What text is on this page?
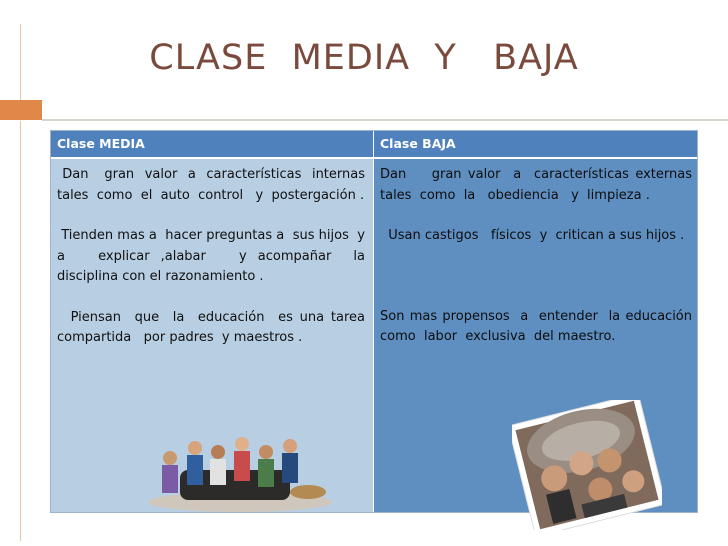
CLASE  MEDIA  Y   BAJA
Clase MEDIA

Dan   gran  valor  a  características  internas  tales  como  el  auto  control   y  postergación .

Tienden mas a  hacer preguntas a  sus hijos  y a   explicar ,alabar   y acompañar  la  disciplina con el razonamiento .

Piensan  que  la  educación  es una tarea  compartida   por padres  y maestros .

Clase BAJA

Dan    gran valor  a  características externas   tales  como  la   obediencia   y  limpieza .

Usan castigos   físicos  y  critican a sus hijos .

Son mas propensos  a  entender  la educación   como  labor  exclusiva  del maestro.
